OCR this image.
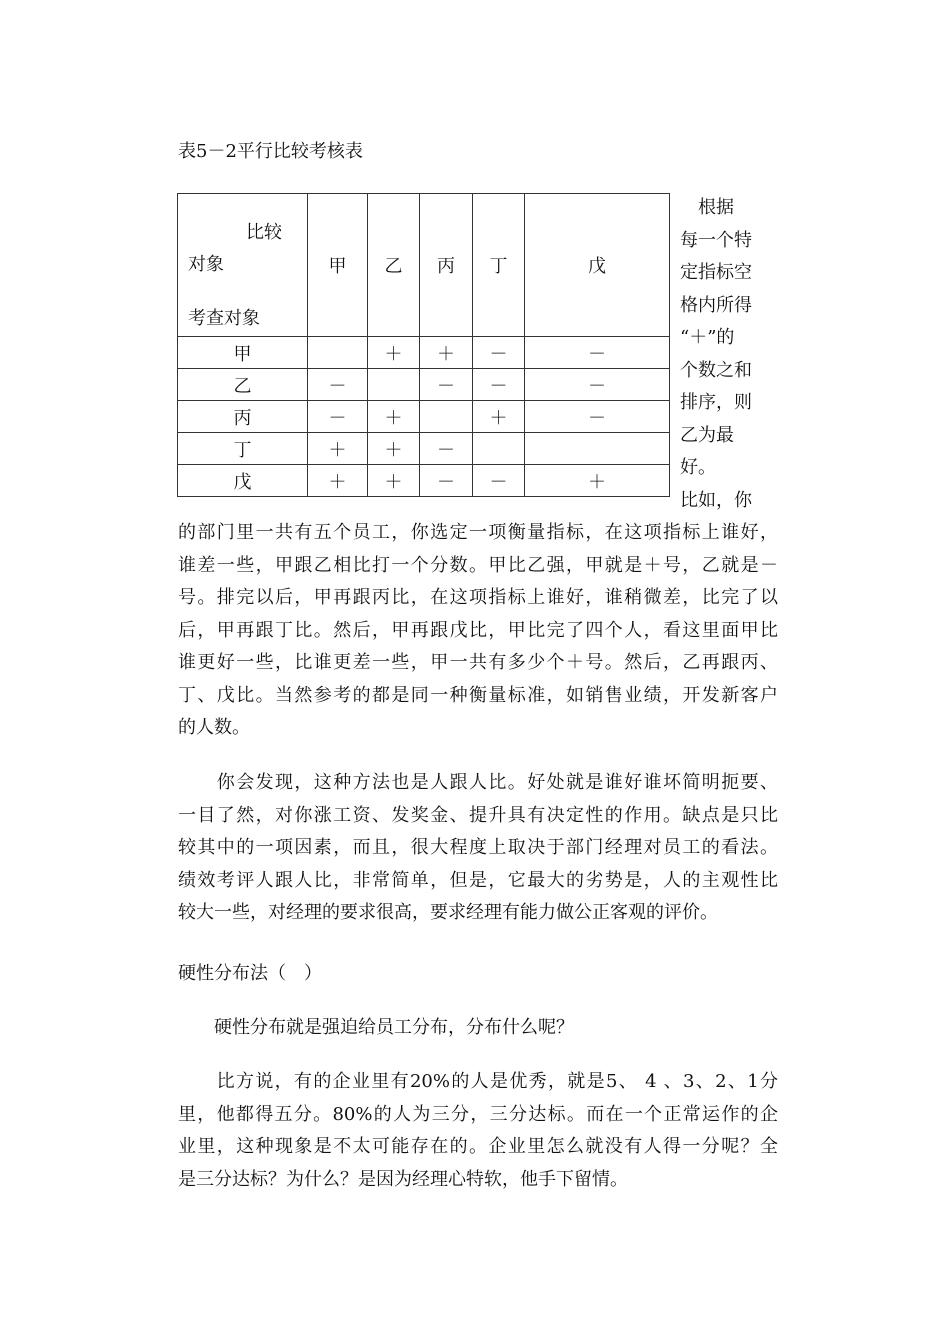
表5－2平行比较考核表
比较
对象
考查对象	甲	乙	丙	丁	戊
甲		＋	＋	－	－
乙	－		－	－	－
丙	－	＋		＋	－
丁	＋	＋	－		
戊	＋	＋	－	－	＋
　根据
每一个特
定指标空
格内所得
“＋”的
个数之和
排序，则
乙为最
好。
比如，你
的部门里一共有五个员工，你选定一项衡量指标，在这项指标上谁好，
谁差一些，甲跟乙相比打一个分数。甲比乙强，甲就是＋号，乙就是－
号。排完以后，甲再跟丙比，在这项指标上谁好，谁稍微差，比完了以
后，甲再跟丁比。然后，甲再跟戊比，甲比完了四个人，看这里面甲比
谁更好一些，比谁更差一些，甲一共有多少个＋号。然后，乙再跟丙、
丁、戊比。当然参考的都是同一种衡量标准，如销售业绩，开发新客户
的人数。
　　你会发现，这种方法也是人跟人比。好处就是谁好谁坏简明扼要、
一目了然，对你涨工资、发奖金、提升具有决定性的作用。缺点是只比
较其中的一项因素，而且，很大程度上取决于部门经理对员工的看法。
绩效考评人跟人比，非常简单，但是，它最大的劣势是，人的主观性比
较大一些，对经理的要求很高，要求经理有能力做公正客观的评价。
硬性分布法（　）
　　硬性分布就是强迫给员工分布，分布什么呢？
　　比方说，有的企业里有20%的人是优秀，就是5、 4 、3、2、1分
里，他都得五分。80%的人为三分，三分达标。而在一个正常运作的企
业里，这种现象是不太可能存在的。企业里怎么就没有人得一分呢？全
是三分达标？为什么？是因为经理心特软，他手下留情。
